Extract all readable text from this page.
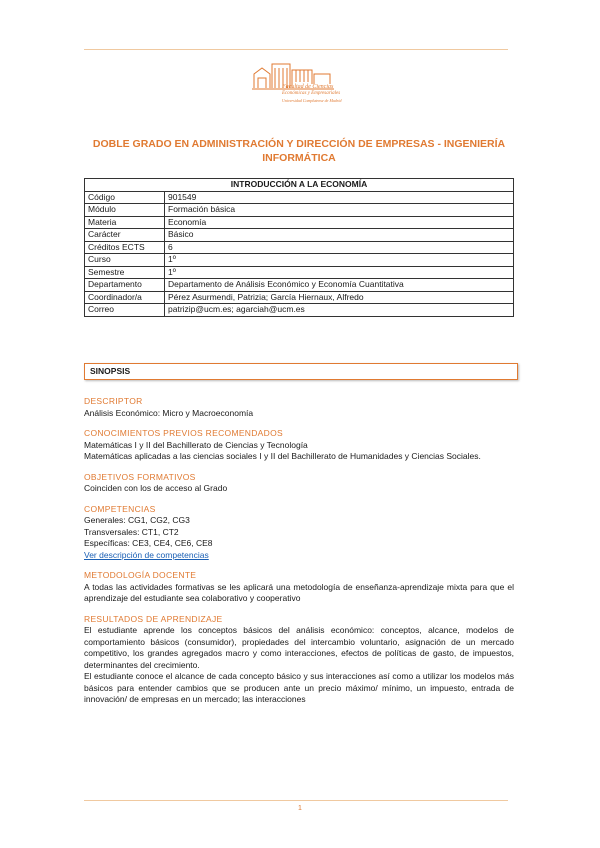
Facultad de Ciencias
Económicas y Empresariales
Universidad Complutense de Madrid
DOBLE GRADO EN ADMINISTRACIÓN Y DIRECCIÓN DE EMPRESAS - INGENIERÍA INFORMÁTICA
INTRODUCCIÓN A LA ECONOMÍA	
Código	901549
Módulo	Formación básica
Materia	Economía
Carácter	Básico
Créditos ECTS	6
Curso	1º
Semestre	1º
Departamento	Departamento de Análisis Económico y Economía Cuantitativa
Coordinador/a	Pérez Asurmendi, Patrizia; García Hiernaux, Alfredo
Correo	patrizip@ucm.es; agarciah@ucm.es
SINOPSIS
DESCRIPTOR

Análisis Económico: Micro y Macroeconomía

CONOCIMIENTOS PREVIOS RECOMENDADOS

Matemáticas I y II del Bachillerato de Ciencias y Tecnología

Matemáticas aplicadas a las ciencias sociales I y II del Bachillerato de Humanidades y Ciencias Sociales.

OBJETIVOS FORMATIVOS

Coinciden con los de acceso al Grado

COMPETENCIAS

Generales: CG1, CG2, CG3

Transversales: CT1, CT2

Específicas: CE3, CE4, CE6, CE8

Ver descripción de competencias

METODOLOGÍA DOCENTE

A todas las actividades formativas se les aplicará una metodología de enseñanza-aprendizaje mixta para que el aprendizaje del estudiante sea colaborativo y cooperativo

RESULTADOS DE APRENDIZAJE

El estudiante aprende los conceptos básicos del análisis económico: conceptos, alcance, modelos de comportamiento básicos (consumidor), propiedades del intercambio voluntario, asignación de un mercado competitivo, los grandes agregados macro y como interacciones, efectos de políticas de gasto, de impuestos, determinantes del crecimiento.

El estudiante conoce el alcance de cada concepto básico y sus interacciones así como a utilizar los modelos más básicos para entender cambios que se producen ante un precio máximo/ mínimo, un impuesto, entrada de innovación/ de empresas en un mercado; las interacciones

1
